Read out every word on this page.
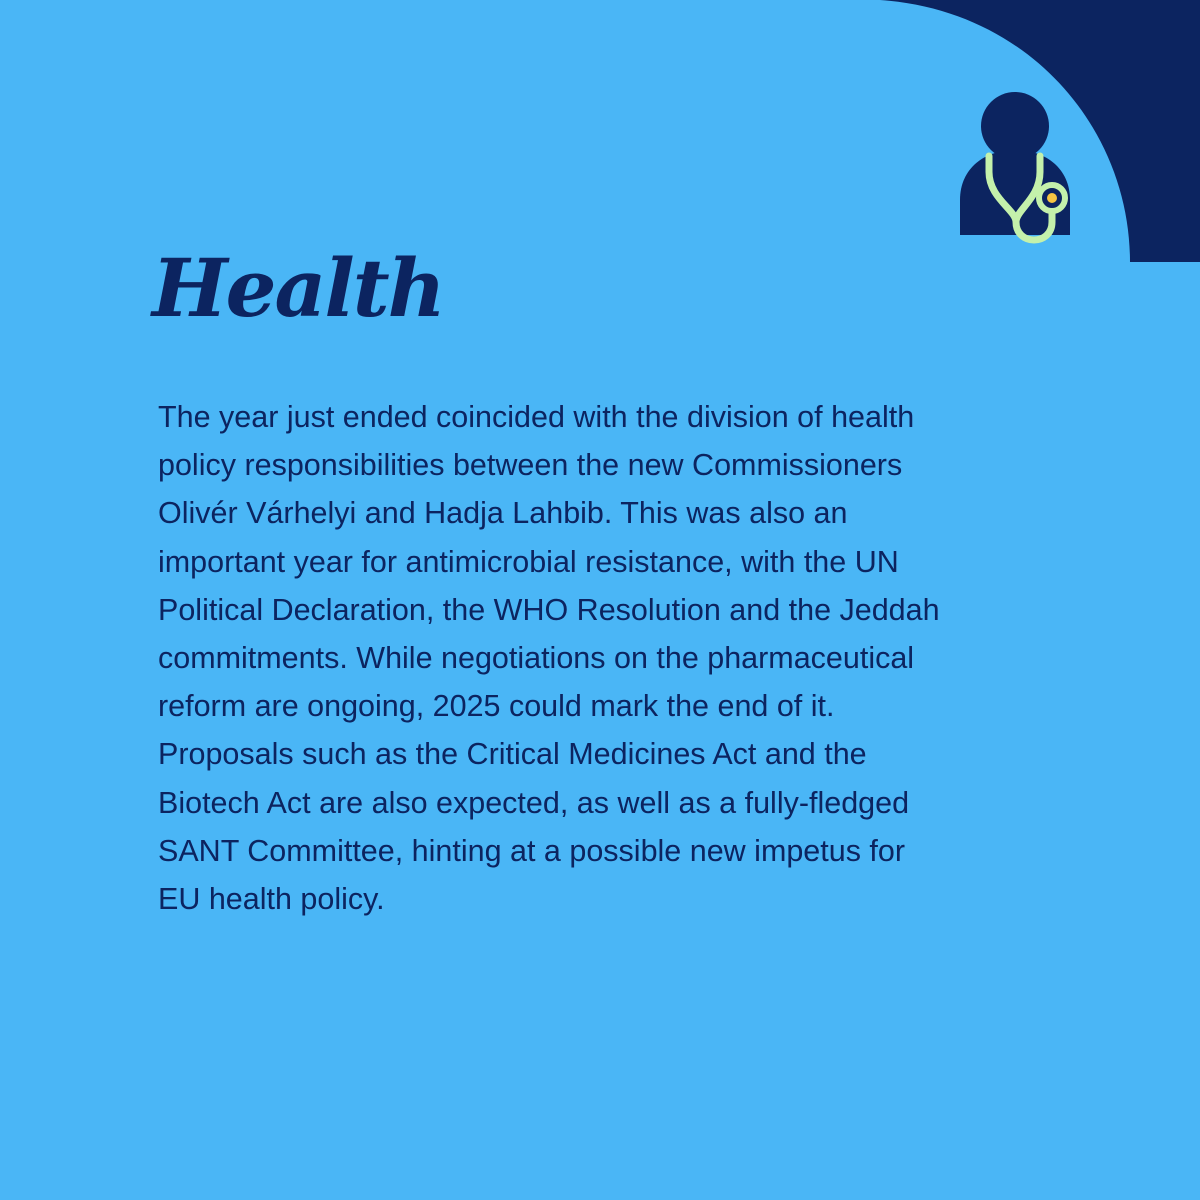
Health
The year just ended coincided with the division of health
policy responsibilities between the new Commissioners
Olivér Várhelyi and Hadja Lahbib. This was also an
important year for antimicrobial resistance, with the UN
Political Declaration, the WHO Resolution and the Jeddah
commitments. While negotiations on the pharmaceutical
reform are ongoing, 2025 could mark the end of it.
Proposals such as the Critical Medicines Act and the
Biotech Act are also expected, as well as a fully-fledged
SANT Committee, hinting at a possible new impetus for
EU health policy.
